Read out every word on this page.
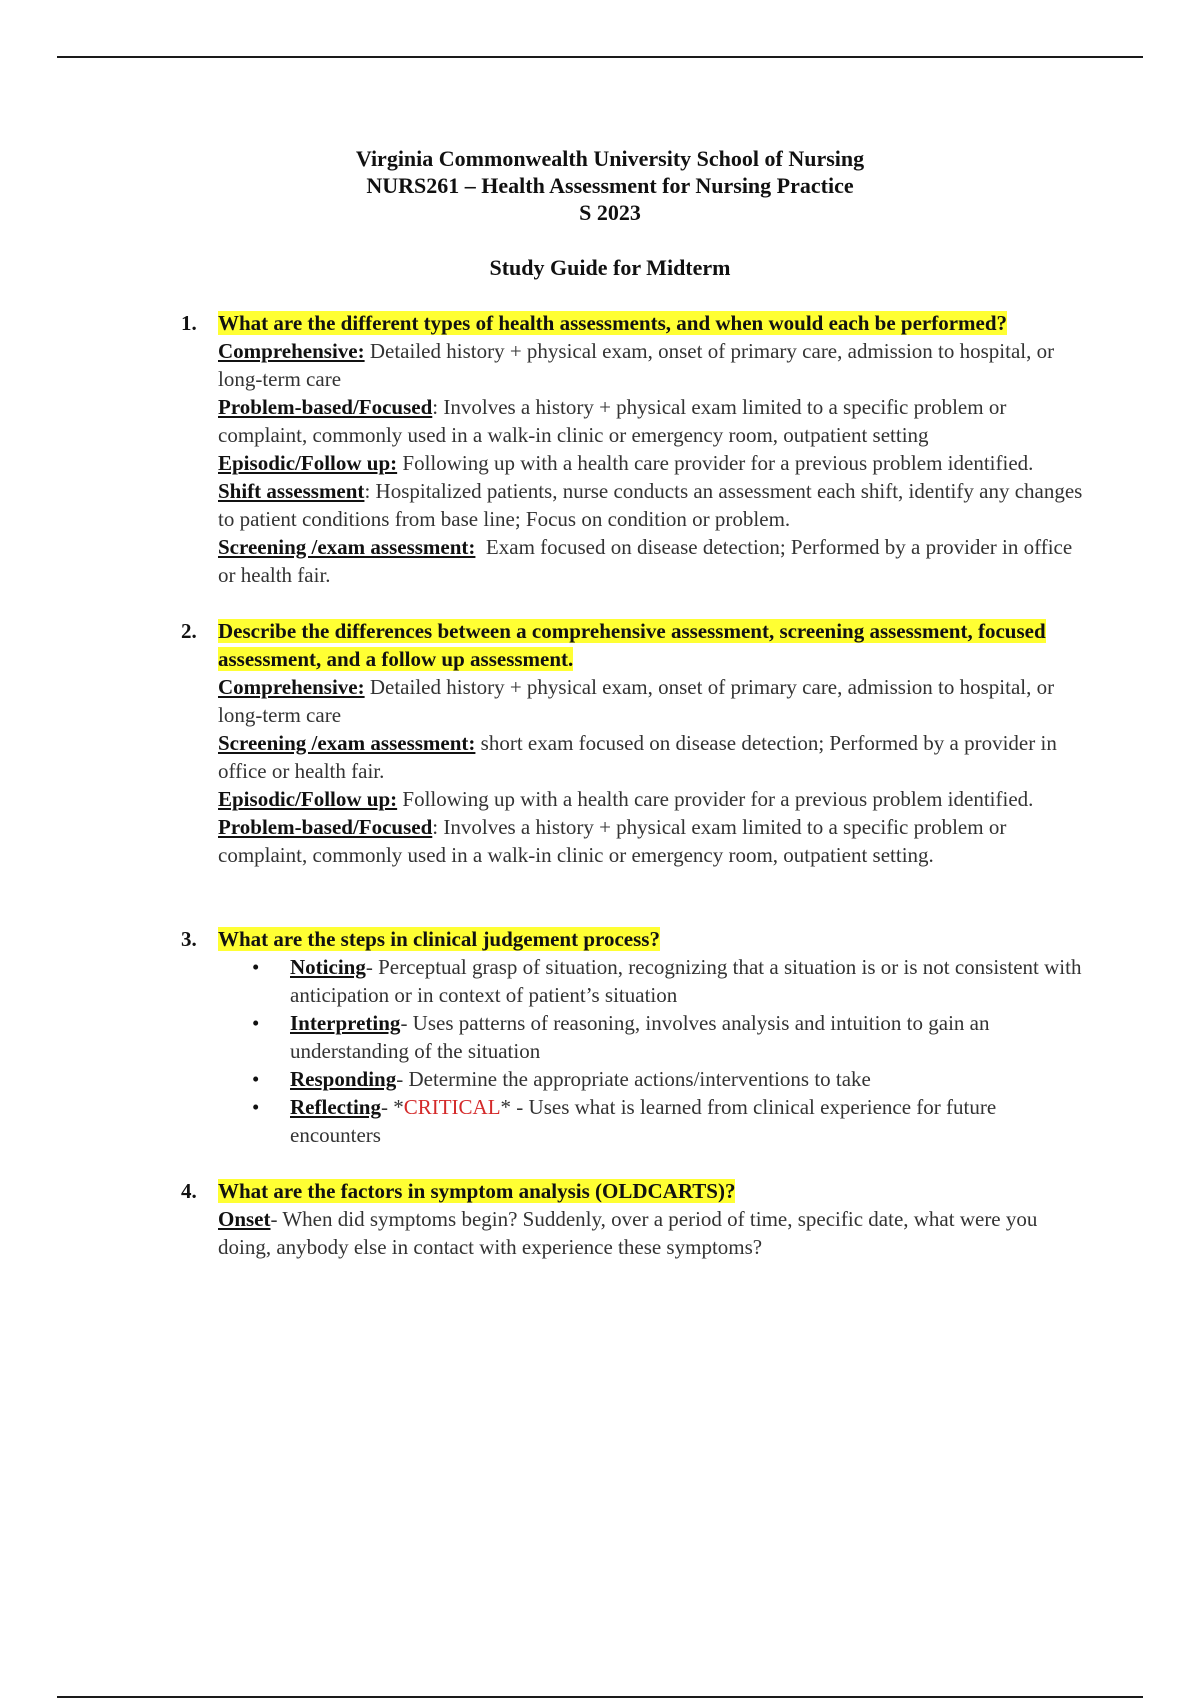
Virginia Commonwealth University School of Nursing
NURS261 – Health Assessment for Nursing Practice
S 2023
Study Guide for Midterm
1. What are the different types of health assessments, and when would each be performed?

Comprehensive: Detailed history + physical exam, onset of primary care, admission to hospital, or long-term care

Problem-based/Focused: Involves a history + physical exam limited to a specific problem or complaint, commonly used in a walk-in clinic or emergency room, outpatient setting

Episodic/Follow up: Following up with a health care provider for a previous problem identified.

Shift assessment: Hospitalized patients, nurse conducts an assessment each shift, identify any changes to patient conditions from base line; Focus on condition or problem.

Screening /exam assessment:  Exam focused on disease detection; Performed by a provider in office or health fair.

2. Describe the differences between a comprehensive assessment, screening assessment, focused assessment, and a follow up assessment.

Comprehensive: Detailed history + physical exam, onset of primary care, admission to hospital, or long-term care

Screening /exam assessment: short exam focused on disease detection; Performed by a provider in office or health fair.

Episodic/Follow up: Following up with a health care provider for a previous problem identified.

Problem-based/Focused: Involves a history + physical exam limited to a specific problem or complaint, commonly used in a walk-in clinic or emergency room, outpatient setting.

3. What are the steps in clinical judgement process?
• Noticing- Perceptual grasp of situation, recognizing that a situation is or is not consistent with anticipation or in context of patient’s situation
• Interpreting- Uses patterns of reasoning, involves analysis and intuition to gain an understanding of the situation
• Responding- Determine the appropriate actions/interventions to take
• Reflecting- *CRITICAL* - Uses what is learned from clinical experience for future encounters
4. What are the factors in symptom analysis (OLDCARTS)?

Onset- When did symptoms begin? Suddenly, over a period of time, specific date, what were you doing, anybody else in contact with experience these symptoms?
